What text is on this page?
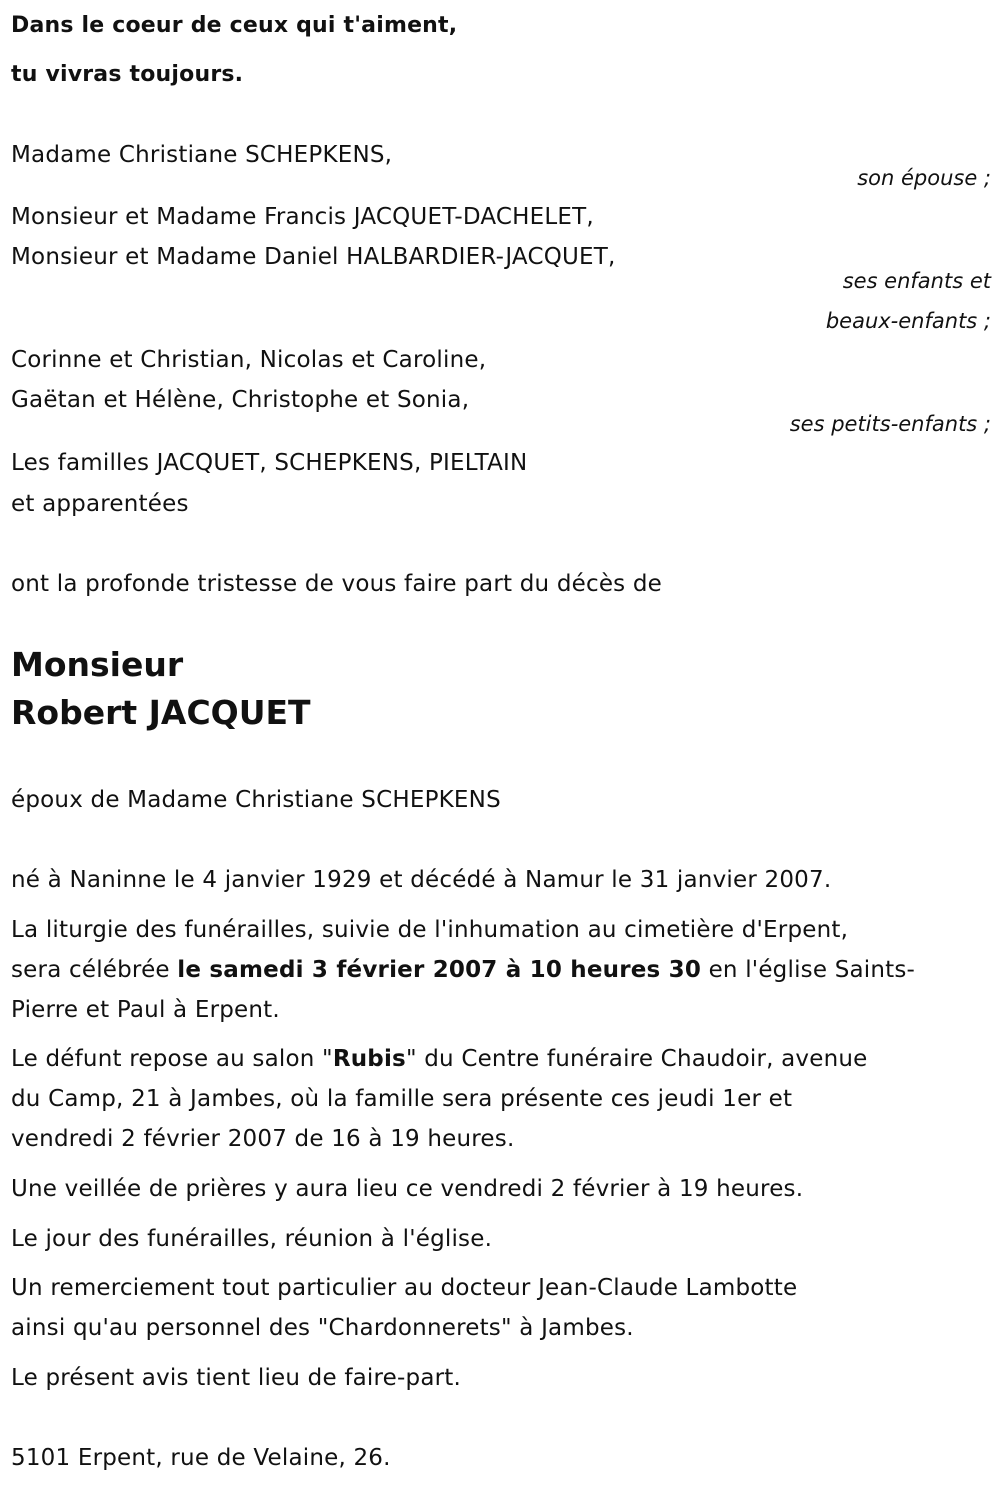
Dans le coeur de ceux qui t'aiment,
tu vivras toujours.
Madame Christiane SCHEPKENS,
son épouse ;
Monsieur et Madame Francis JACQUET-DACHELET,
Monsieur et Madame Daniel HALBARDIER-JACQUET,
ses enfants et
beaux-enfants ;
Corinne et Christian, Nicolas et Caroline,
Gaëtan et Hélène, Christophe et Sonia,
ses petits-enfants ;
Les familles JACQUET, SCHEPKENS, PIELTAIN
et apparentées
ont la profonde tristesse de vous faire part du décès de
Monsieur
Robert JACQUET
époux de Madame Christiane SCHEPKENS
né à Naninne le 4 janvier 1929 et décédé à Namur le 31 janvier 2007.
La liturgie des funérailles, suivie de l'inhumation au cimetière d'Erpent,
sera célébrée le samedi 3 février 2007 à 10 heures 30 en l'église Saints-
Pierre et Paul à Erpent.
Le défunt repose au salon "Rubis" du Centre funéraire Chaudoir, avenue
du Camp, 21 à Jambes, où la famille sera présente ces jeudi 1er et
vendredi 2 février 2007 de 16 à 19 heures.
Une veillée de prières y aura lieu ce vendredi 2 février à 19 heures.
Le jour des funérailles, réunion à l'église.
Un remerciement tout particulier au docteur Jean-Claude Lambotte
ainsi qu'au personnel des "Chardonnerets" à Jambes.
Le présent avis tient lieu de faire-part.
5101 Erpent, rue de Velaine, 26.
